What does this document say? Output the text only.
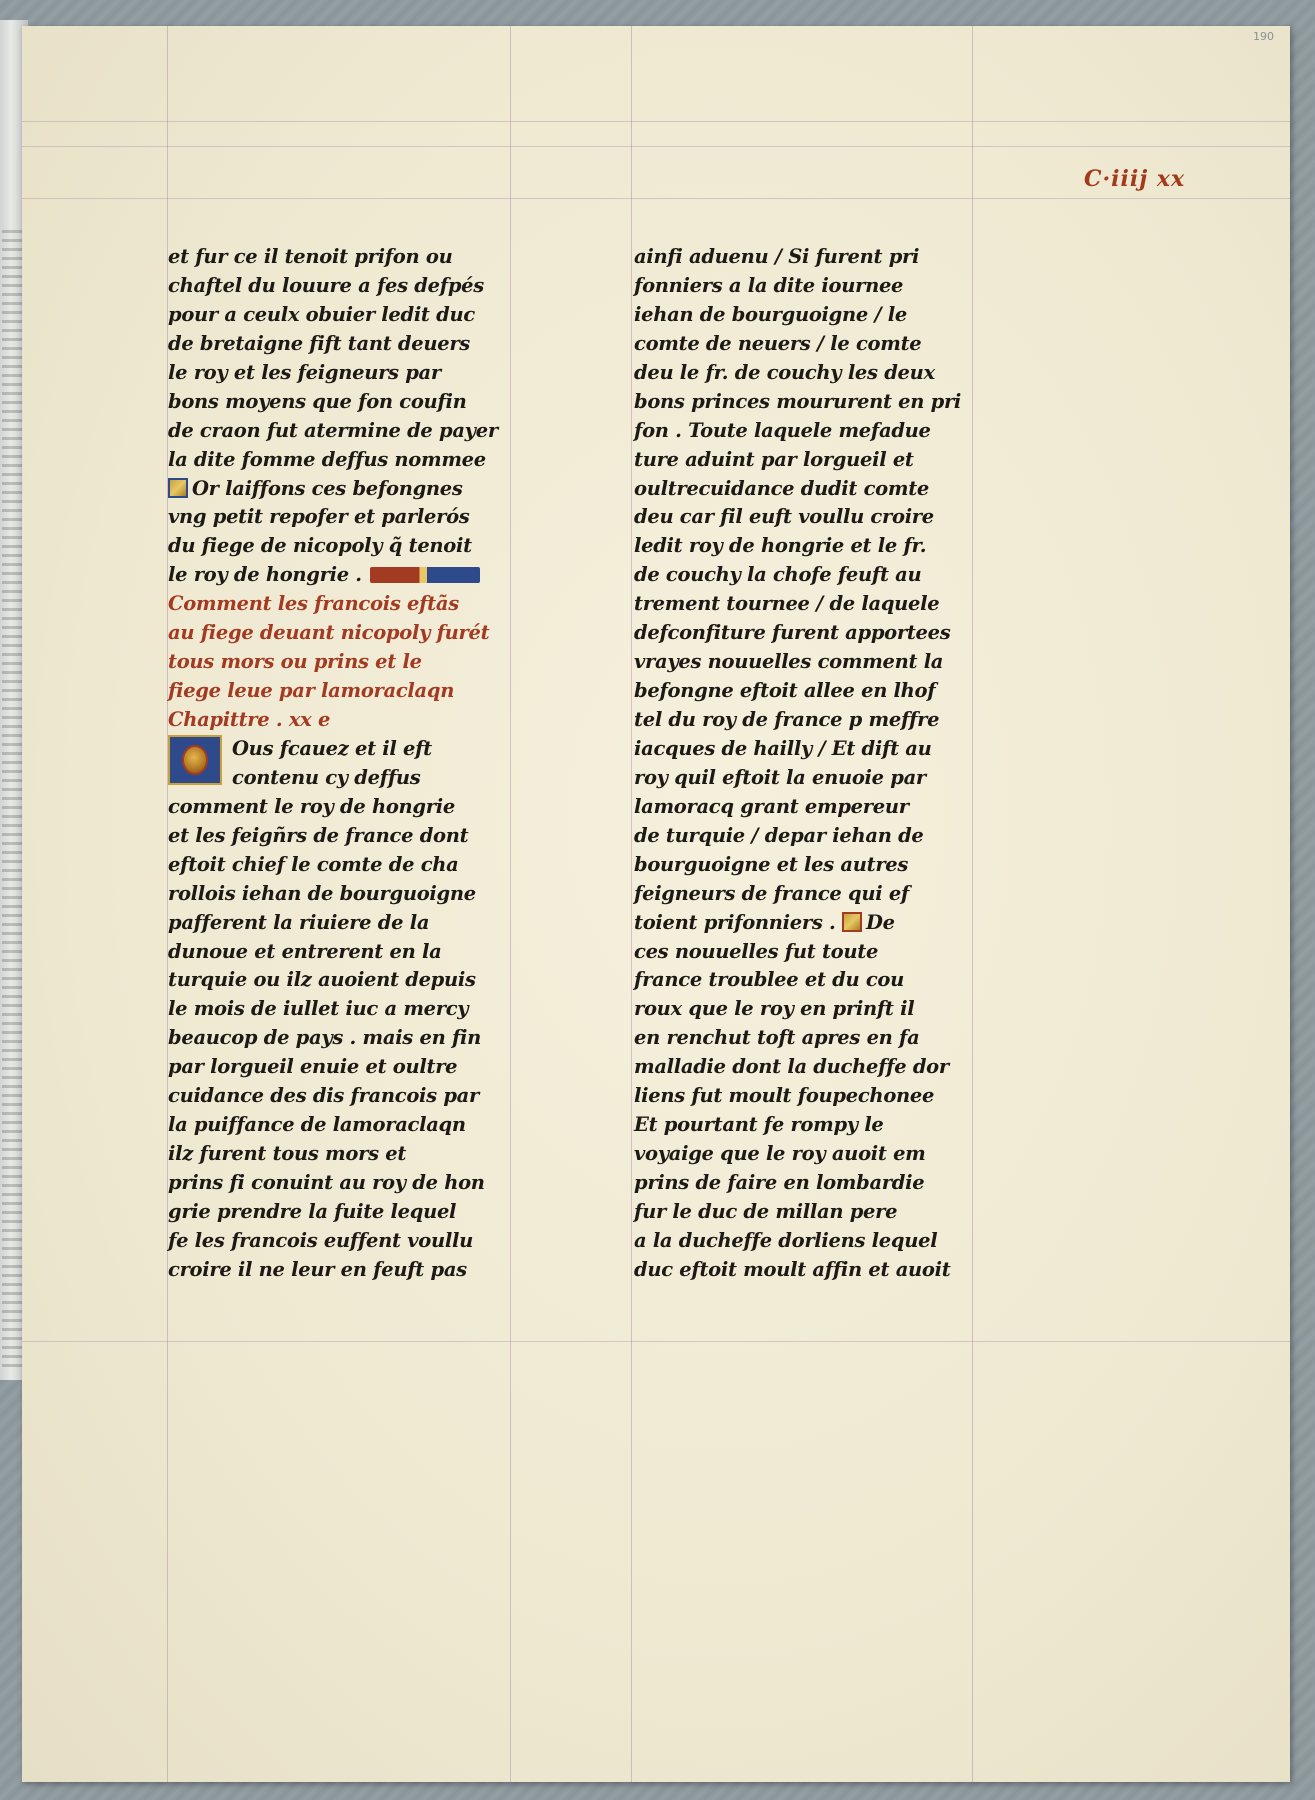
190
C·iiij xx
et fur ce il tenoit prifon ou
chaftel du louure a fes defpés
pour a ceulx obuier ledit duc
de bretaigne fift tant deuers
le roy et les feigneurs par
bons moyens que fon coufin
de craon fut atermine de payer
la dite fomme deffus nommee
Or laiffons ces befongnes
vng petit repofer et parlerós
du fiege de nicopoly q̃ tenoit
le roy de hongrie .
Comment les francois eftãs
au fiege deuant nicopoly furét
tous mors ou prins et le
fiege leue par lamoraclaqn
Chapittre . xx e
Ous fcauez et il eft
contenu cy deffus
comment le roy de hongrie
et les feigñrs de france dont
eftoit chief le comte de cha
rollois iehan de bourguoigne
pafferent la riuiere de la
dunoue et entrerent en la
turquie ou ilz auoient depuis
le mois de iullet iuc a mercy
beaucop de pays . mais en fin
par lorgueil enuie et oultre
cuidance des dis francois par
la puiffance de lamoraclaqn
ilz furent tous mors et
prins fi conuint au roy de hon
grie prendre la fuite lequel
fe les francois euffent voullu
croire il ne leur en feuft pas
ainfi aduenu / Si furent pri
fonniers a la dite iournee
iehan de bourguoigne / le
comte de neuers / le comte
deu le fr. de couchy les deux
bons princes moururent en pri
fon . Toute laquele mefadue
ture aduint par lorgueil et
oultrecuidance dudit comte
deu car fil euft voullu croire
ledit roy de hongrie et le fr.
de couchy la chofe feuft au
trement tournee / de laquele
defconfiture furent apportees
vrayes nouuelles comment la
befongne eftoit allee en lhof
tel du roy de france p meffre
iacques de hailly / Et dift au
roy quil eftoit la enuoie par
lamoracq grant empereur
de turquie / depar iehan de
bourguoigne et les autres
feigneurs de france qui ef
toient prifonniers . De
ces nouuelles fut toute
france troublee et du cou
roux que le roy en prinft il
en renchut toft apres en fa
malladie dont la ducheffe dor
liens fut moult foupechonee
Et pourtant fe rompy le
voyaige que le roy auoit em
prins de faire en lombardie
fur le duc de millan pere
a la ducheffe dorliens lequel
duc eftoit moult affin et auoit
